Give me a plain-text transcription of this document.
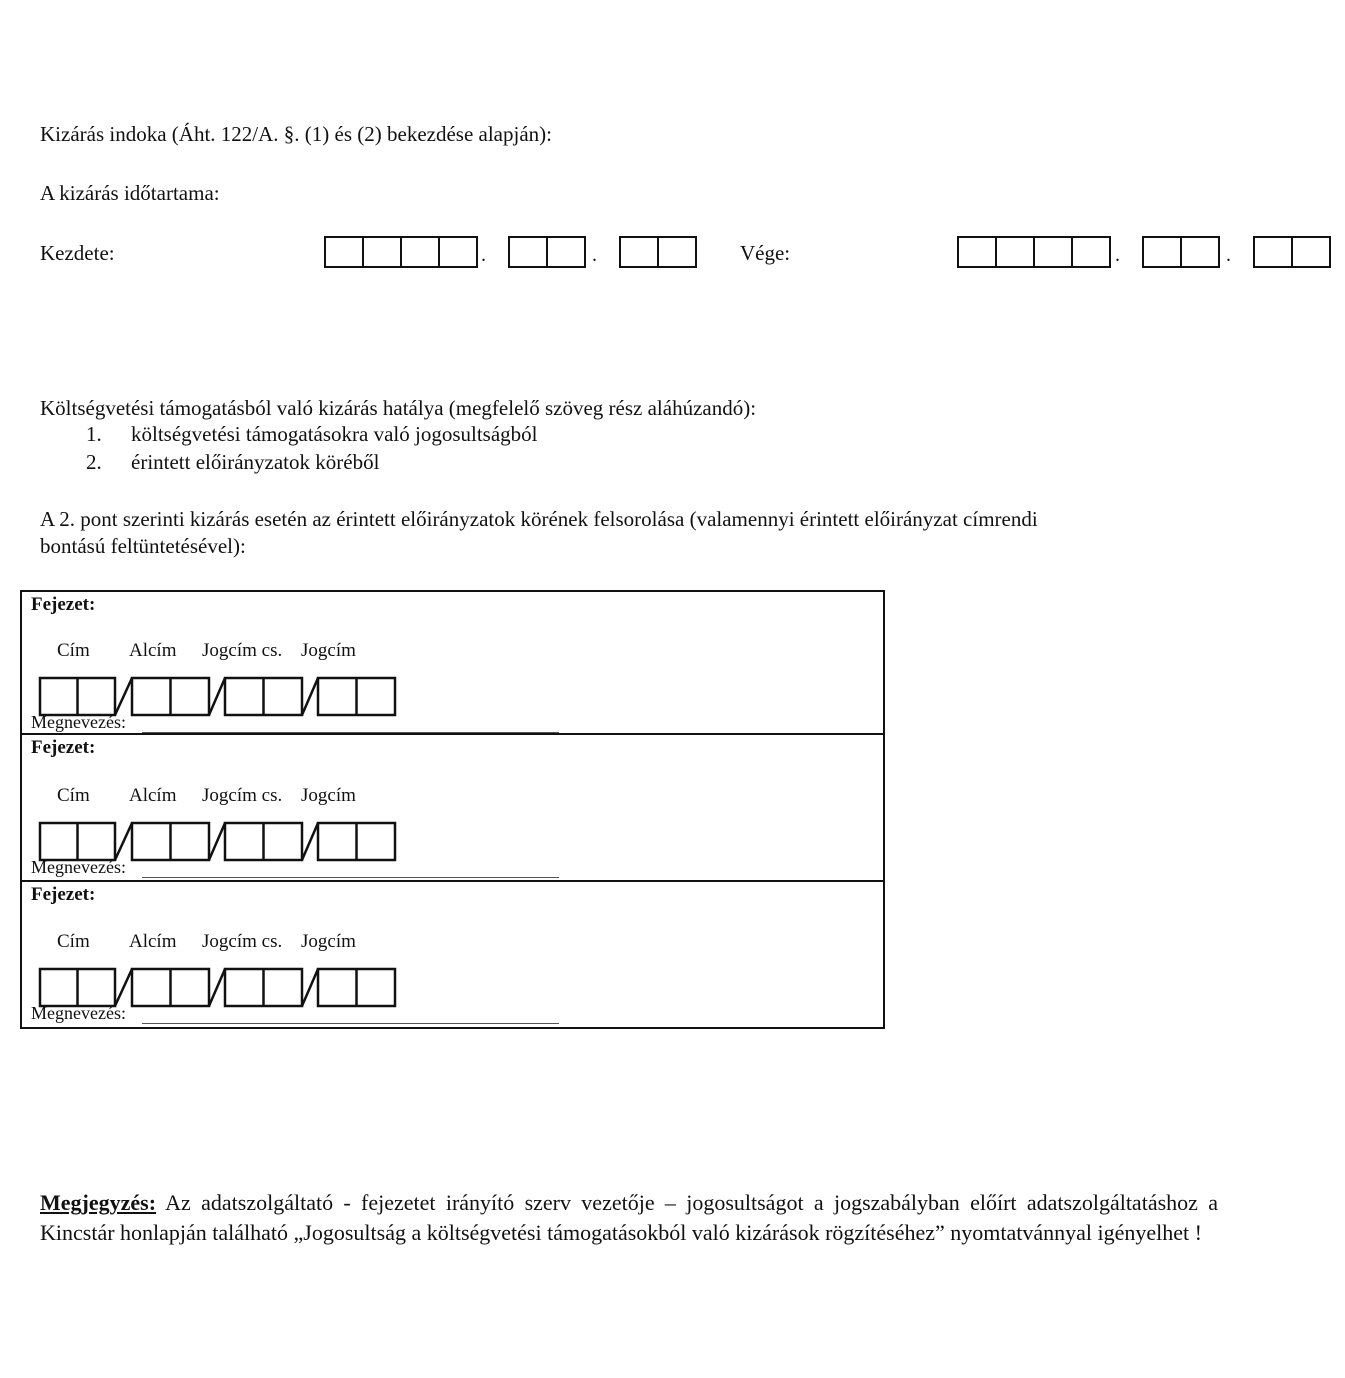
Kizárás indoka (Áht. 122/A. §. (1) és (2) bekezdése alapján):
A kizárás időtartama:
Kezdete:	.	.	Vége:	.	.
Költségvetési támogatásból való kizárás hatálya (megfelelő szöveg rész aláhúzandó):
1.	költségvetési támogatásokra való jogosultságból
2.	érintett előirányzatok köréből
A 2. pont szerinti kizárás esetén az érintett előirányzatok körének felsorolása (valamennyi érintett előirányzat címrendi
bontású feltüntetésével):
Fejezet:
Cím Alcím Jogcím cs. Jogcím
Megnevezés:
Fejezet:
Cím Alcím Jogcím cs. Jogcím
Megnevezés:
Fejezet:
Cím Alcím Jogcím cs. Jogcím
Megnevezés:
Megjegyzés: Az adatszolgáltató - fejezetet irányító szerv vezetője – jogosultságot a jogszabályban előírt adatszolgáltatáshoz a Kincstár honlapján található „Jogosultság a költségvetési támogatásokból való kizárások rögzítéséhez” nyomtatvánnyal igényelhet !
